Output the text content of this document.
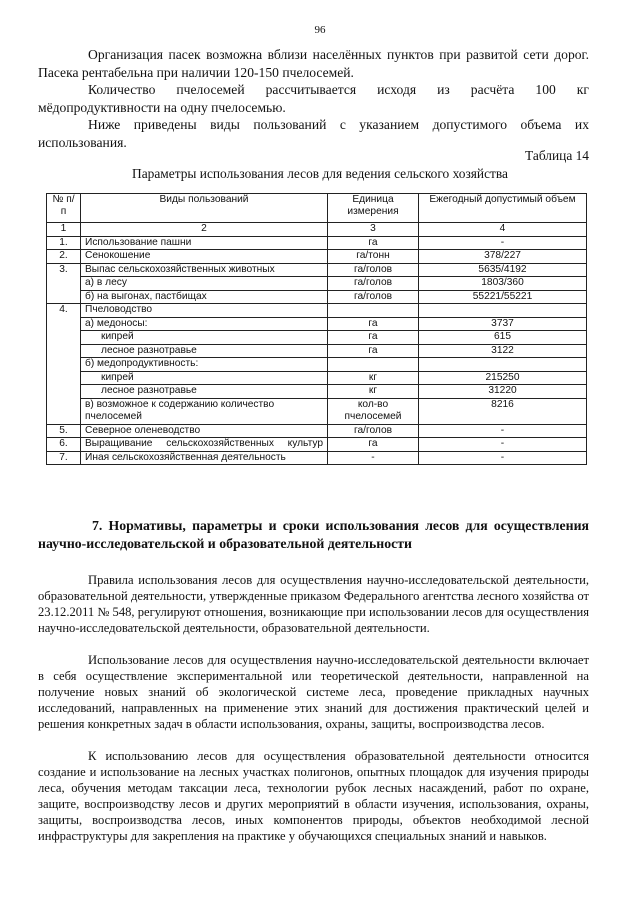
96

Организация пасек возможна вблизи населённых пунктов при развитой сети дорог. Пасека рентабельна при наличии 120-150 пчелосемей.

Количество пчелосемей рассчитывается исходя из расчёта 100 кг мёдопродуктивности на одну пчелосемью.

Ниже приведены виды пользований с указанием допустимого объема их использования.

Таблица 14
Параметры использования лесов для ведения сельского хозяйства
№ п/п	Виды пользований	Единица измерения	Ежегодный допустимый объем
1	2	3	4
1.	Использование пашни	га	-
2.	Сенокошение	га/тонн	378/227
3.	Выпас сельскохозяйственных животных	га/голов	5635/4192
	а) в лесу	га/голов	1803/360
	б) на выгонах, пастбищах	га/голов	55221/55221
4.	Пчеловодство		
	а) медоносы:	га	3737
	кипрей	га	615
	лесное разнотравье	га	3122
	б) медопродуктивность:		
	кипрей	кг	215250
	лесное разнотравье	кг	31220
	в) возможное к содержанию количество пчелосемей	кол-во пчелосемей	8216
5.	Северное оленеводство	га/голов	-
6.	Выращивание сельскохозяйственных культур	га	-
7.	Иная сельскохозяйственная деятельность	-	-

7. Нормативы, параметры и сроки использования лесов для осуществления научно-исследовательской и образовательной деятельности

Правила использования лесов для осуществления научно-исследовательской деятельности, образовательной деятельности, утвержденные приказом Федерального агентства лесного хозяйства от 23.12.2011 № 548, регулируют отношения, возникающие при использовании лесов для осуществления научно-исследовательской деятельности, образовательной деятельности.

Использование лесов для осуществления научно-исследовательской деятельности включает в себя осуществление экспериментальной или теоретической деятельности, направленной на получение новых знаний об экологической системе леса, проведение прикладных научных исследований, направленных на применение этих знаний для достижения практический целей и решения конкретных задач в области использования, охраны, защиты, воспроизводства лесов.

К использованию лесов для осуществления образовательной деятельности относится создание и использование на лесных участках полигонов, опытных площадок для изучения природы леса, обучения методам таксации леса, технологии рубок лесных насаждений, работ по охране, защите, воспроизводству лесов и других мероприятий в области изучения, использования, охраны, защиты, воспроизводства лесов, иных компонентов природы, объектов необходимой лесной инфраструктуры для закрепления на практике у обучающихся специальных знаний и навыков.
